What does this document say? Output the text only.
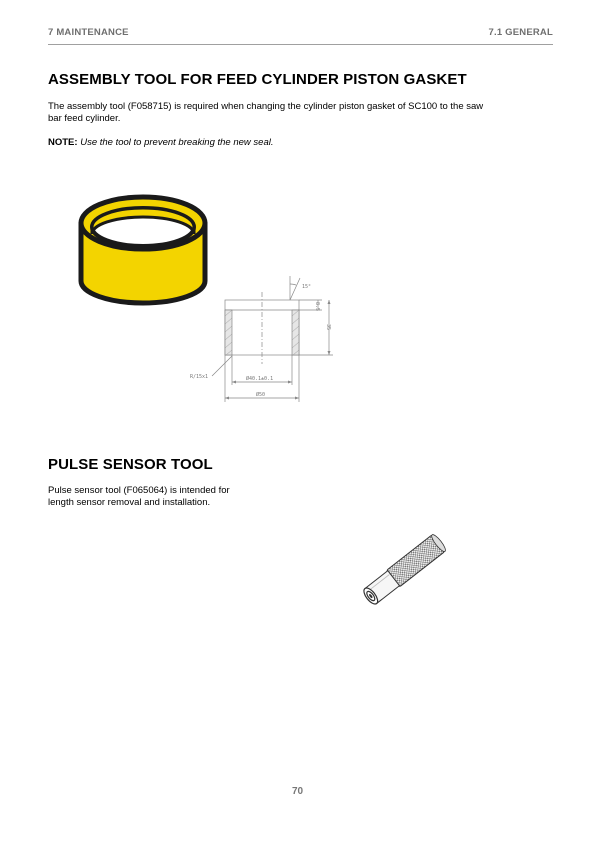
7 MAINTENANCE	7.1 GENERAL
ASSEMBLY TOOL FOR FEED CYLINDER PISTON GASKET

The assembly tool (F058715) is required when changing the cylinder piston gasket of SC100 to the saw
bar feed cylinder.

NOTE: Use the tool to prevent breaking the new seal.

15°
R/15x1	Ø40.1±0.1
Ø50
8.5
35
PULSE SENSOR TOOL

Pulse sensor tool (F065064) is intended for
length sensor removal and installation.

70
